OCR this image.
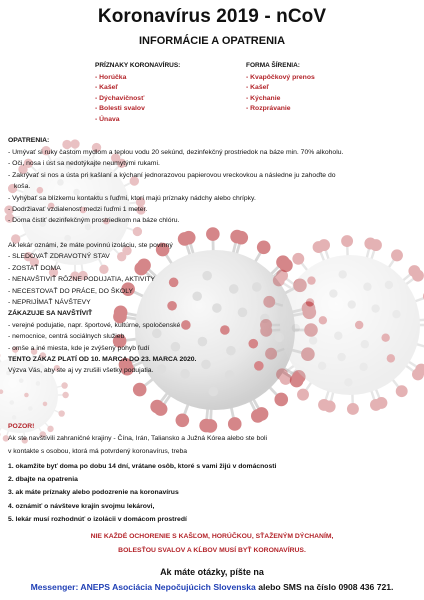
Koronavírus 2019 - nCoV
INFORMÁCIE A OPATRENIA
PRÍZNAKY KORONAVÍRUS:
- Horúčka
- Kašeľ
- Dýchavičnosť
- Bolesti svalov
- Únava
FORMA ŠÍRENIA:
- Kvapôčkový prenos
- Kašeľ
- Kýchanie
- Rozprávanie
OPATRENIA:
- Umývať si ruky častom mydlom a teplou vodu 20 sekúnd, dezinfekčný prostriedok na báze min. 70% alkoholu.
- Oči, nosa i úst sa nedotýkajte neumytými rukami.
- Zakrývať si nos a ústa pri kašlaní a kýchaní jednorazovou papierovou vreckovkou a následne ju zahoďte do
koša.
- Vyhýbať sa blízkemu kontaktu s ľuďmi, ktorí majú príznaky nádchy alebo chrípky.
- Dodržiavať vzdialenosť medzi ľuďmi 1 meter.
- Doma čistiť dezinfekčným prostriedkom na báze chlóru.
Ak lekár oznámi, že máte povinnú izoláciu, ste povinný
- SLEDOVAŤ ZDRAVOTNÝ STAV
- ZOSTAŤ DOMA
- NENAVŠTIVIŤ RÔZNE PODUJATIA, AKTIVITY
- NECESTOVAŤ DO PRÁCE, DO ŠKOLY
- NEPRIJÍMAŤ NÁVŠTEVY
ZÁKAZUJE SA NAVŠTÍVIŤ
- verejné podujatie, napr. športové, kultúrne, spoločenské
- nemocnice, centrá sociálnych služieb
- omše a iné miesta, kde je zvýšený pohyb ľudí
TENTO ZÁKAZ PLATÍ OD 10. MARCA DO 23. MARCA 2020.
Výzva Vás, aby ste aj vy zrušili všetky podujatia.
POZOR!
Ak ste navštívili zahraničné krajiny - Čína, Irán, Taliansko a Južná Kórea alebo ste boli
v kontakte s osobou, ktorá má potvrdený koronavírus, treba
1. okamžite byť doma po dobu 14 dní, vrátane osôb, ktoré s vami žijú v domácnosti
2. dbajte na opatrenia
3. ak máte príznaky alebo podozrenie na koronavírus
4. oznámiť o návšteve krajín svojmu lekárovi,
5. lekár musí rozhodnúť o izolácii v domácom prostredí
NIE KAŽDÉ OCHORENIE S KAŠĽOM, HORÚČKOU, SŤAŽENÝM DÝCHANÍM,
BOLESŤOU SVALOV A KĹBOV MUSÍ BYŤ KORONAVÍRUS.
Ak máte otázky, píšte na
Messenger: ANEPS Asociácia Nepočujúcich Slovenska alebo SMS na číslo 0908 436 721.
